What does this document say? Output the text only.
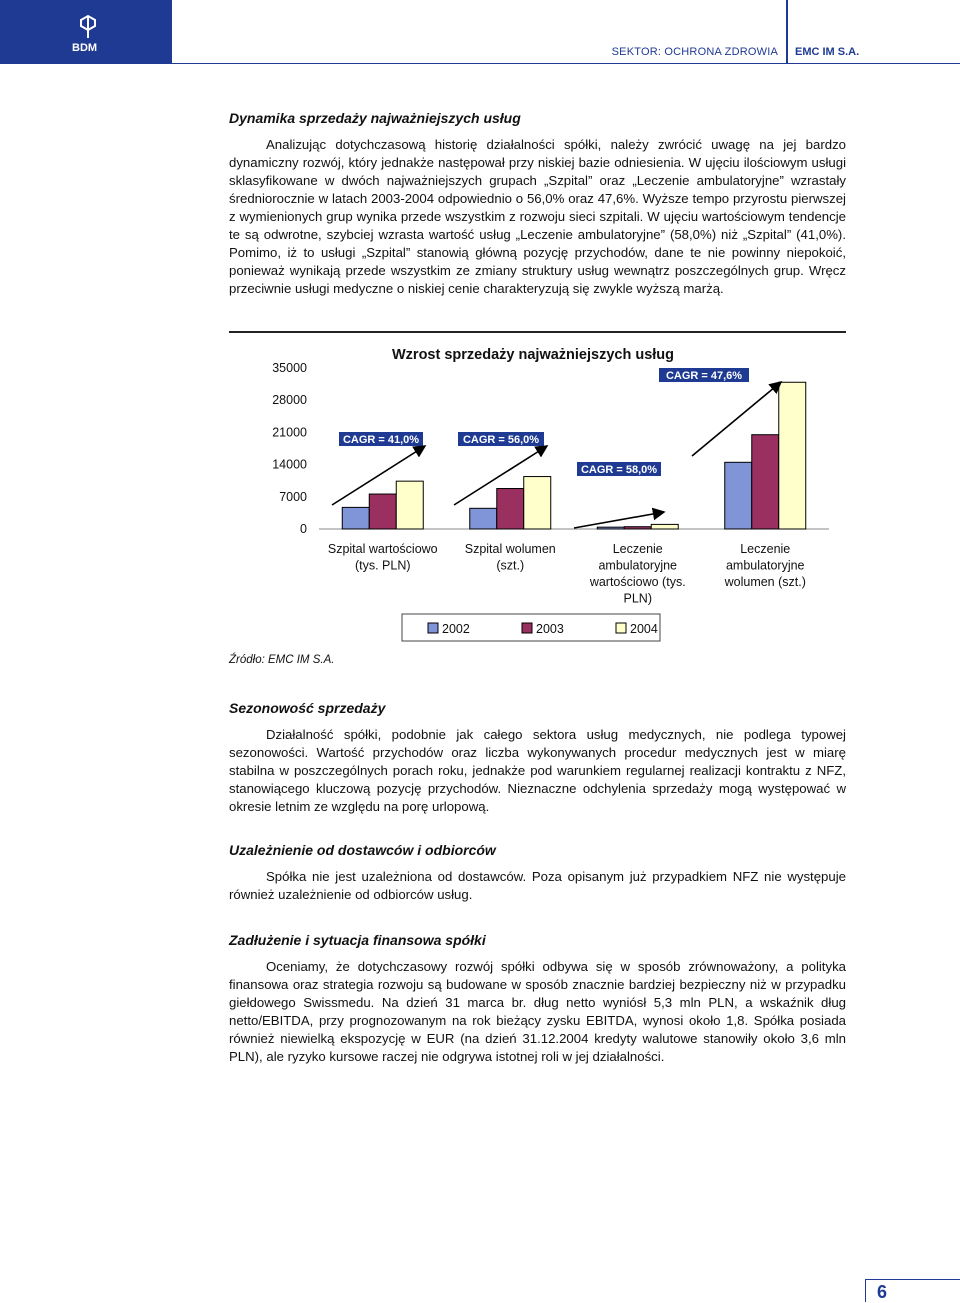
BDM	SEKTOR: OCHRONA ZDROWIA EMC IM S.A.
Dynamika sprzedaży najważniejszych usług

Analizując dotychczasową historię działalności spółki, należy zwrócić uwagę na jej bardzo dynamiczny rozwój, który jednakże następował przy niskiej bazie odniesienia. W ujęciu ilościowym usługi sklasyfikowane w dwóch najważniejszych grupach „Szpital” oraz „Leczenie ambulatoryjne” wzrastały średniorocznie w latach 2003-2004 odpowiednio o 56,0% oraz 47,6%. Wyższe tempo przyrostu pierwszej z wymienionych grup wynika przede wszystkim z rozwoju sieci szpitali. W ujęciu wartościowym tendencje te są odwrotne, szybciej wzrasta wartość usług „Leczenie ambulatoryjne” (58,0%) niż „Szpital” (41,0%). Pomimo, iż to usługi „Szpital” stanowią główną pozycję przychodów, dane te nie powinny niepokoić, ponieważ wynikają przede wszystkim ze zmiany struktury usług wewnątrz poszczególnych grup. Wręcz przeciwnie usługi medyczne o niskiej cenie charakteryzują się zwykle wyższą marżą.

Wzrost sprzedaży najważniejszych usług
0
7000
14000
21000
28000
35000
Szpital wartościowo
(tys. PLN)
Szpital wolumen
(szt.)
Leczenie
ambulatoryjne
wartościowo (tys.
PLN)
Leczenie
ambulatoryjne
wolumen (szt.)
CAGR = 41,0%	CAGR = 56,0%
CAGR = 58,0%
CAGR = 47,6%
2002	2003	2004
Źródło: EMC IM S.A.
Sezonowość sprzedaży

Działalność spółki, podobnie jak całego sektora usług medycznych, nie podlega typowej sezonowości. Wartość przychodów oraz liczba wykonywanych procedur medycznych jest w miarę stabilna w poszczególnych porach roku, jednakże pod warunkiem regularnej realizacji kontraktu z NFZ, stanowiącego kluczową pozycję przychodów. Nieznaczne odchylenia sprzedaży mogą występować w okresie letnim ze względu na porę urlopową.

Uzależnienie od dostawców i odbiorców

Spółka nie jest uzależniona od dostawców. Poza opisanym już przypadkiem NFZ nie występuje również uzależnienie od odbiorców usług.

Zadłużenie i sytuacja finansowa spółki

Oceniamy, że dotychczasowy rozwój spółki odbywa się w sposób zrównoważony, a polityka finansowa oraz strategia rozwoju są budowane w sposób znacznie bardziej bezpieczny niż w przypadku giełdowego Swissmedu. Na dzień 31 marca br. dług netto wyniósł 5,3 mln PLN, a wskaźnik dług netto/EBITDA, przy prognozowanym na rok bieżący zysku EBITDA, wynosi około 1,8. Spółka posiada również niewielką ekspozycję w EUR (na dzień 31.12.2004 kredyty walutowe stanowiły około 3,6 mln PLN), ale ryzyko kursowe raczej nie odgrywa istotnej roli w jej działalności.

6
